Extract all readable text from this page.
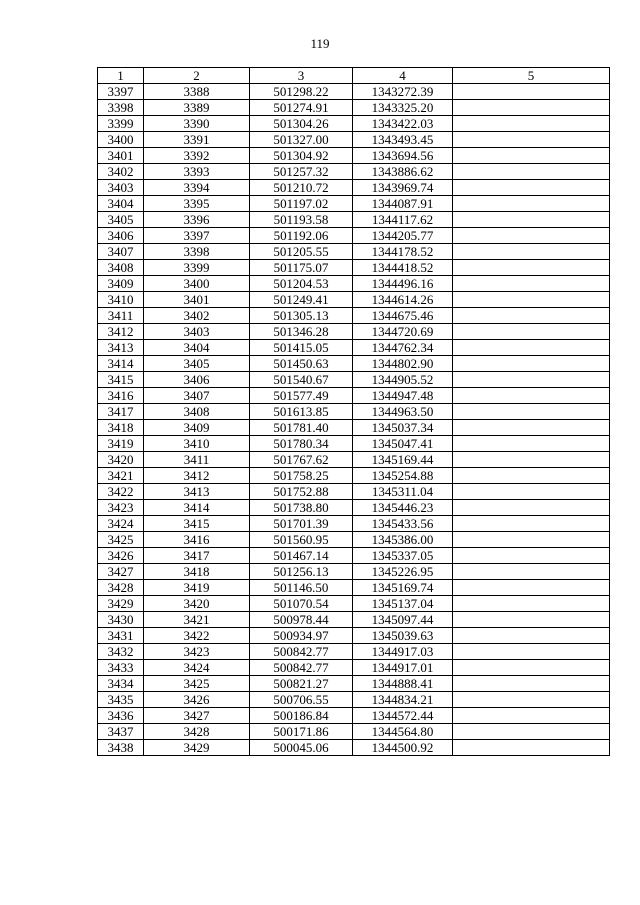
119
1	2	3	4	5
3397	3388	501298.22	1343272.39	
3398	3389	501274.91	1343325.20	
3399	3390	501304.26	1343422.03	
3400	3391	501327.00	1343493.45	
3401	3392	501304.92	1343694.56	
3402	3393	501257.32	1343886.62	
3403	3394	501210.72	1343969.74	
3404	3395	501197.02	1344087.91	
3405	3396	501193.58	1344117.62	
3406	3397	501192.06	1344205.77	
3407	3398	501205.55	1344178.52	
3408	3399	501175.07	1344418.52	
3409	3400	501204.53	1344496.16	
3410	3401	501249.41	1344614.26	
3411	3402	501305.13	1344675.46	
3412	3403	501346.28	1344720.69	
3413	3404	501415.05	1344762.34	
3414	3405	501450.63	1344802.90	
3415	3406	501540.67	1344905.52	
3416	3407	501577.49	1344947.48	
3417	3408	501613.85	1344963.50	
3418	3409	501781.40	1345037.34	
3419	3410	501780.34	1345047.41	
3420	3411	501767.62	1345169.44	
3421	3412	501758.25	1345254.88	
3422	3413	501752.88	1345311.04	
3423	3414	501738.80	1345446.23	
3424	3415	501701.39	1345433.56	
3425	3416	501560.95	1345386.00	
3426	3417	501467.14	1345337.05	
3427	3418	501256.13	1345226.95	
3428	3419	501146.50	1345169.74	
3429	3420	501070.54	1345137.04	
3430	3421	500978.44	1345097.44	
3431	3422	500934.97	1345039.63	
3432	3423	500842.77	1344917.03	
3433	3424	500842.77	1344917.01	
3434	3425	500821.27	1344888.41	
3435	3426	500706.55	1344834.21	
3436	3427	500186.84	1344572.44	
3437	3428	500171.86	1344564.80	
3438	3429	500045.06	1344500.92	
